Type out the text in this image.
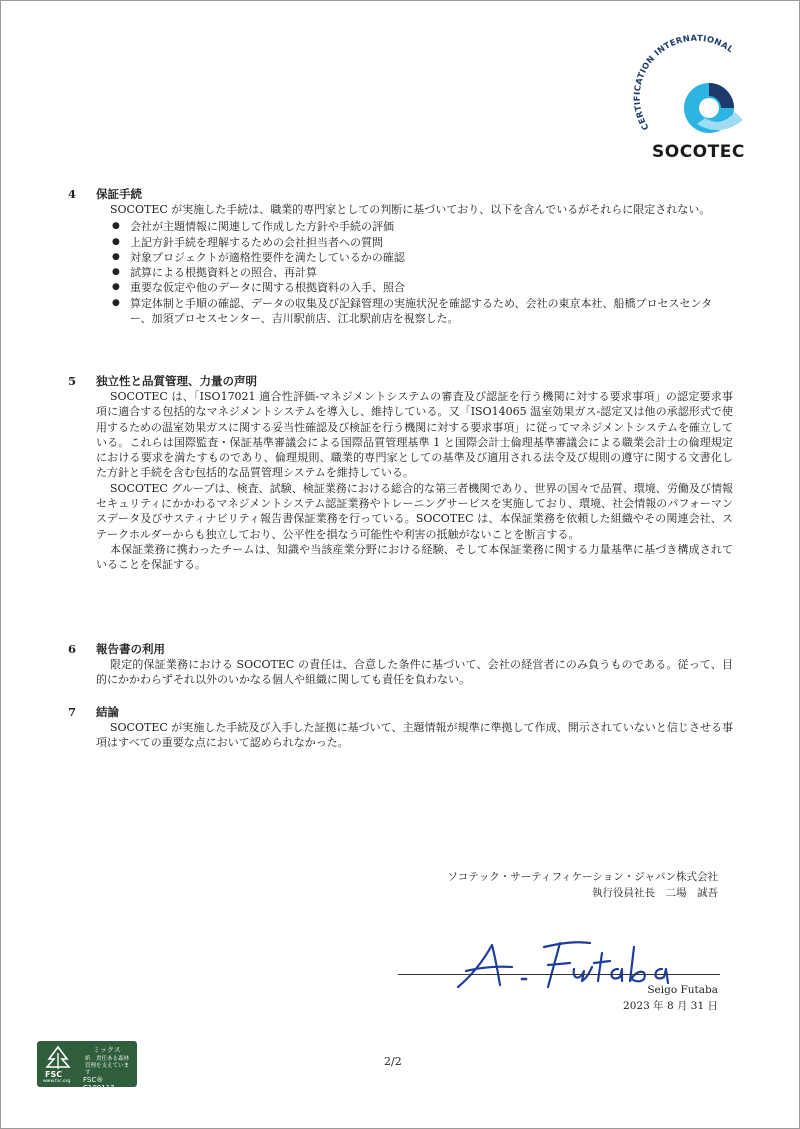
CERTIFICATION INTERNATIONAL
SOCOTEC
4	保証手続
SOCOTEC が実施した手続は、職業的専門家としての判断に基づいており、以下を含んでいるがそれらに限定されない。
● 会社が主題情報に関連して作成した方針や手続の評価
● 上記方針手続を理解するための会社担当者への質問
● 対象プロジェクトが適格性要件を満たしているかの確認
● 試算による根拠資料との照合、再計算
● 重要な仮定や他のデータに関する根拠資料の入手、照合
● 算定体制と手順の確認、データの収集及び記録管理の実施状況を確認するため、会社の東京本社、船橋プロセスセンター、加須プロセスセンター、吉川駅前店、江北駅前店を視察した。
5	独立性と品質管理、力量の声明
SOCOTEC は、「ISO17021 適合性評価-マネジメントシステムの審査及び認証を行う機関に対する要求事項」の認定要求事項に適合する包括的なマネジメントシステムを導入し、維持している。又「ISO14065 温室効果ガス-認定又は他の承認形式で使用するための温室効果ガスに関する妥当性確認及び検証を行う機関に対する要求事項」に従ってマネジメントシステムを確立している。これらは国際監査・保証基準審議会による国際品質管理基準 1 と国際会計士倫理基準審議会による職業会計士の倫理規定における要求を満たすものであり、倫理規則、職業的専門家としての基準及び適用される法令及び規則の遵守に関する文書化した方針と手続を含む包括的な品質管理システムを維持している。
SOCOTEC グループは、検査、試験、検証業務における総合的な第三者機関であり、世界の国々で品質、環境、労働及び情報セキュリティにかかわるマネジメントシステム認証業務やトレーニングサービスを実施しており、環境、社会情報のパフォーマンスデータ及びサスティナビリティ報告書保証業務を行っている。SOCOTEC は、本保証業務を依頼した組織やその関連会社、ステークホルダーからも独立しており、公平性を損なう可能性や利害の抵触がないことを断言する。
本保証業務に携わったチームは、知識や当該産業分野における経験、そして本保証業務に関する力量基準に基づき構成されていることを保証する。
6	報告書の利用
限定的保証業務における SOCOTEC の責任は、合意した条件に基づいて、会社の経営者にのみ負うものである。従って、目的にかかわらずそれ以外のいかなる個人や組織に関しても責任を負わない。
7	結論
SOCOTEC が実施した手続及び入手した証拠に基づいて、主題情報が規準に準拠して作成、開示されていないと信じさせる事項はすべての重要な点において認められなかった。
ソコテック・サーティフィケーション・ジャパン株式会社
執行役員社長　二場　誠吾
Seigo Futaba
2023 年 8 月 31 日
FSC
www.fsc.org
ミックス
紙　責任ある森林管理を支えています
FSC® C100117
2/2
